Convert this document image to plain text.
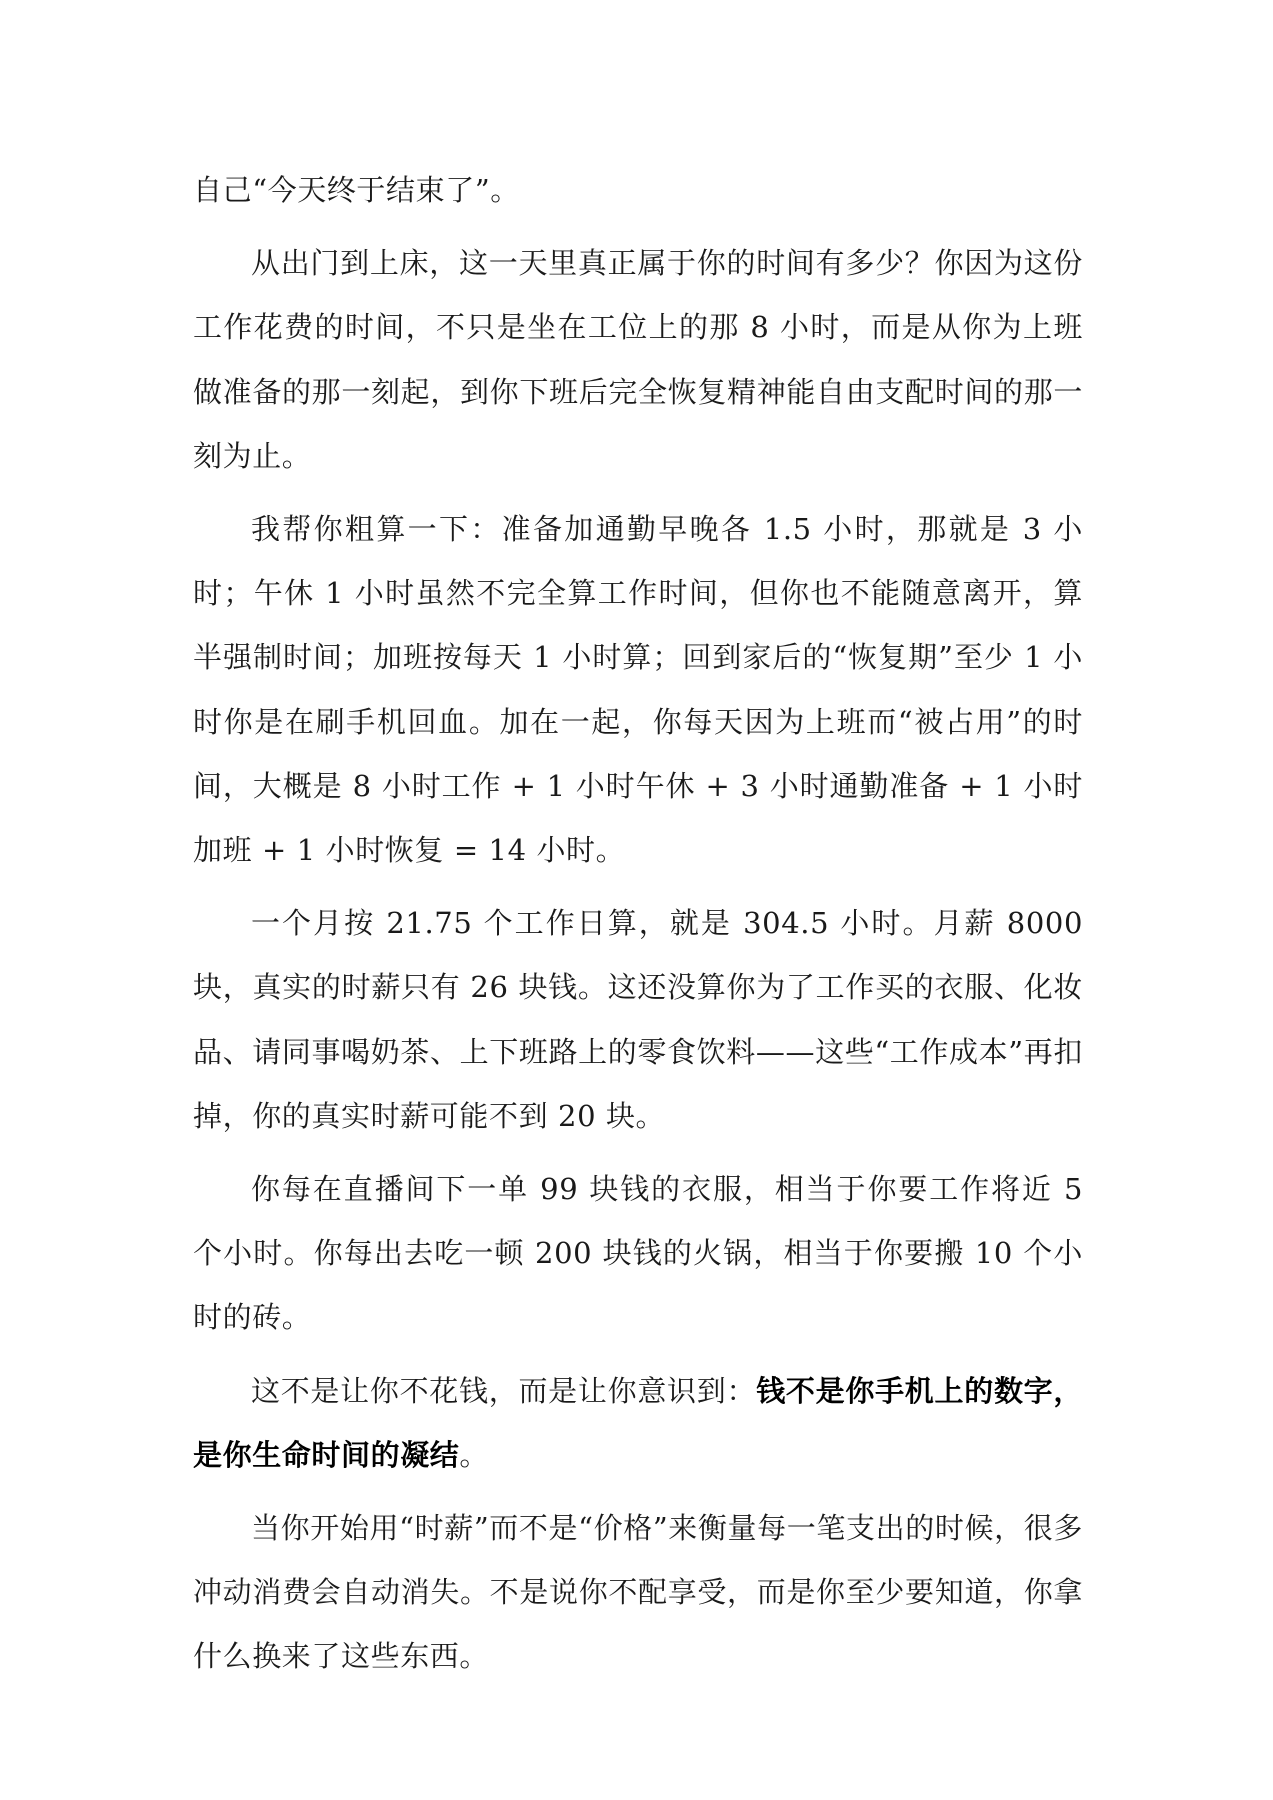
自己“今天终于结束了”。

从出门到上床，这一天里真正属于你的时间有多少？你因为这份工作花费的时间，不只是坐在工位上的那 8 小时，而是从你为上班做准备的那一刻起，到你下班后完全恢复精神能自由支配时间的那一刻为止。

我帮你粗算一下：准备加通勤早晚各 1.5 小时，那就是 3 小时；午休 1 小时虽然不完全算工作时间，但你也不能随意离开，算半强制时间；加班按每天 1 小时算；回到家后的“恢复期”至少 1 小时你是在刷手机回血。加在一起，你每天因为上班而“被占用”的时间，大概是 8 小时工作 + 1 小时午休 + 3 小时通勤准备 + 1 小时加班 + 1 小时恢复 = 14 小时。

一个月按 21.75 个工作日算，就是 304.5 小时。月薪 8000 块，真实的时薪只有 26 块钱。这还没算你为了工作买的衣服、化妆品、请同事喝奶茶、上下班路上的零食饮料——这些“工作成本”再扣掉，你的真实时薪可能不到 20 块。

你每在直播间下一单 99 块钱的衣服，相当于你要工作将近 5 个小时。你每出去吃一顿 200 块钱的火锅，相当于你要搬 10 个小时的砖。

这不是让你不花钱，而是让你意识到：钱不是你手机上的数字，是你生命时间的凝结。

当你开始用“时薪”而不是“价格”来衡量每一笔支出的时候，很多冲动消费会自动消失。不是说你不配享受，而是你至少要知道，你拿什么换来了这些东西。
